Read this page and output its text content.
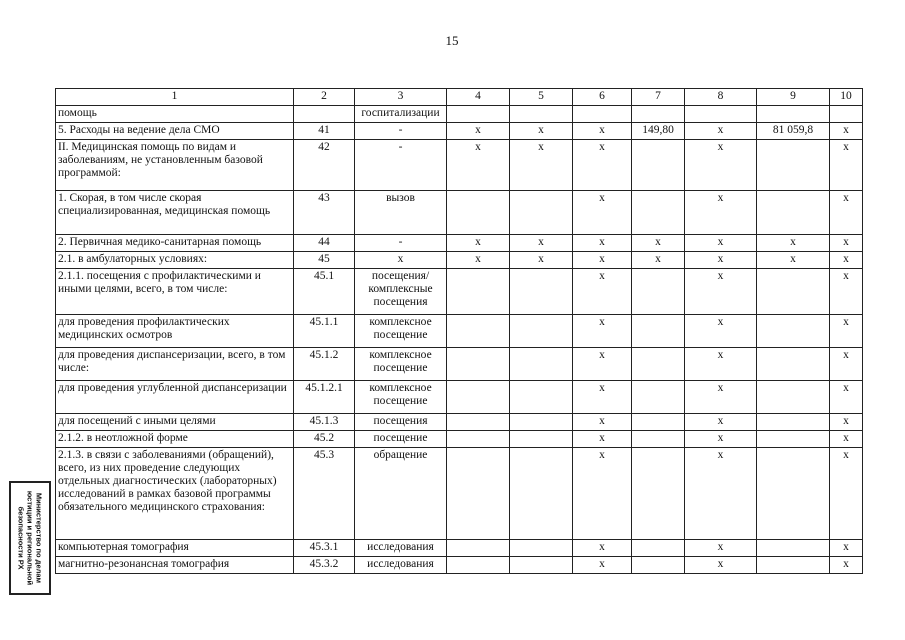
15
1	2	3	4	5	6	7	8	9	10
помощь		госпитализации							
5. Расходы на ведение дела СМО	41	-	х	х	х	149,80	х	81 059,8	х
II. Медицинская помощь по видам и заболеваниям, не установленным базовой программой:	42	-	х	х	х		х		х
1. Скорая, в том числе скорая специализированная, медицинская помощь	43	вызов			х		х		х
2. Первичная медико-санитарная помощь	44	-	х	х	х	х	х	х	х
2.1. в амбулаторных условиях:	45	х	х	х	х	х	х	х	х
2.1.1. посещения с профилактическими и иными целями, всего, в том числе:	45.1	посещения/ комплексные посещения			х		х		х
для проведения профилактических медицинских осмотров	45.1.1	комплексное посещение			х		х		х
для проведения диспансеризации, всего, в том числе:	45.1.2	комплексное посещение			х		х		х
для проведения углубленной диспансеризации	45.1.2.1	комплексное посещение			х		х		х
для посещений с иными целями	45.1.3	посещения			х		х		х
2.1.2. в неотложной форме	45.2	посещение			х		х		х
2.1.3. в связи с заболеваниями (обращений), всего, из них проведение следующих отдельных диагностических (лабораторных) исследований в рамках базовой программы обязательного медицинского страхования:	45.3	обращение			х		х		х
компьютерная томография	45.3.1	исследования			х		х		х
магнитно-резонансная томография	45.3.2	исследования			х		х		х
Министерство по делам
юстиции и региональной
безопасности РХ
